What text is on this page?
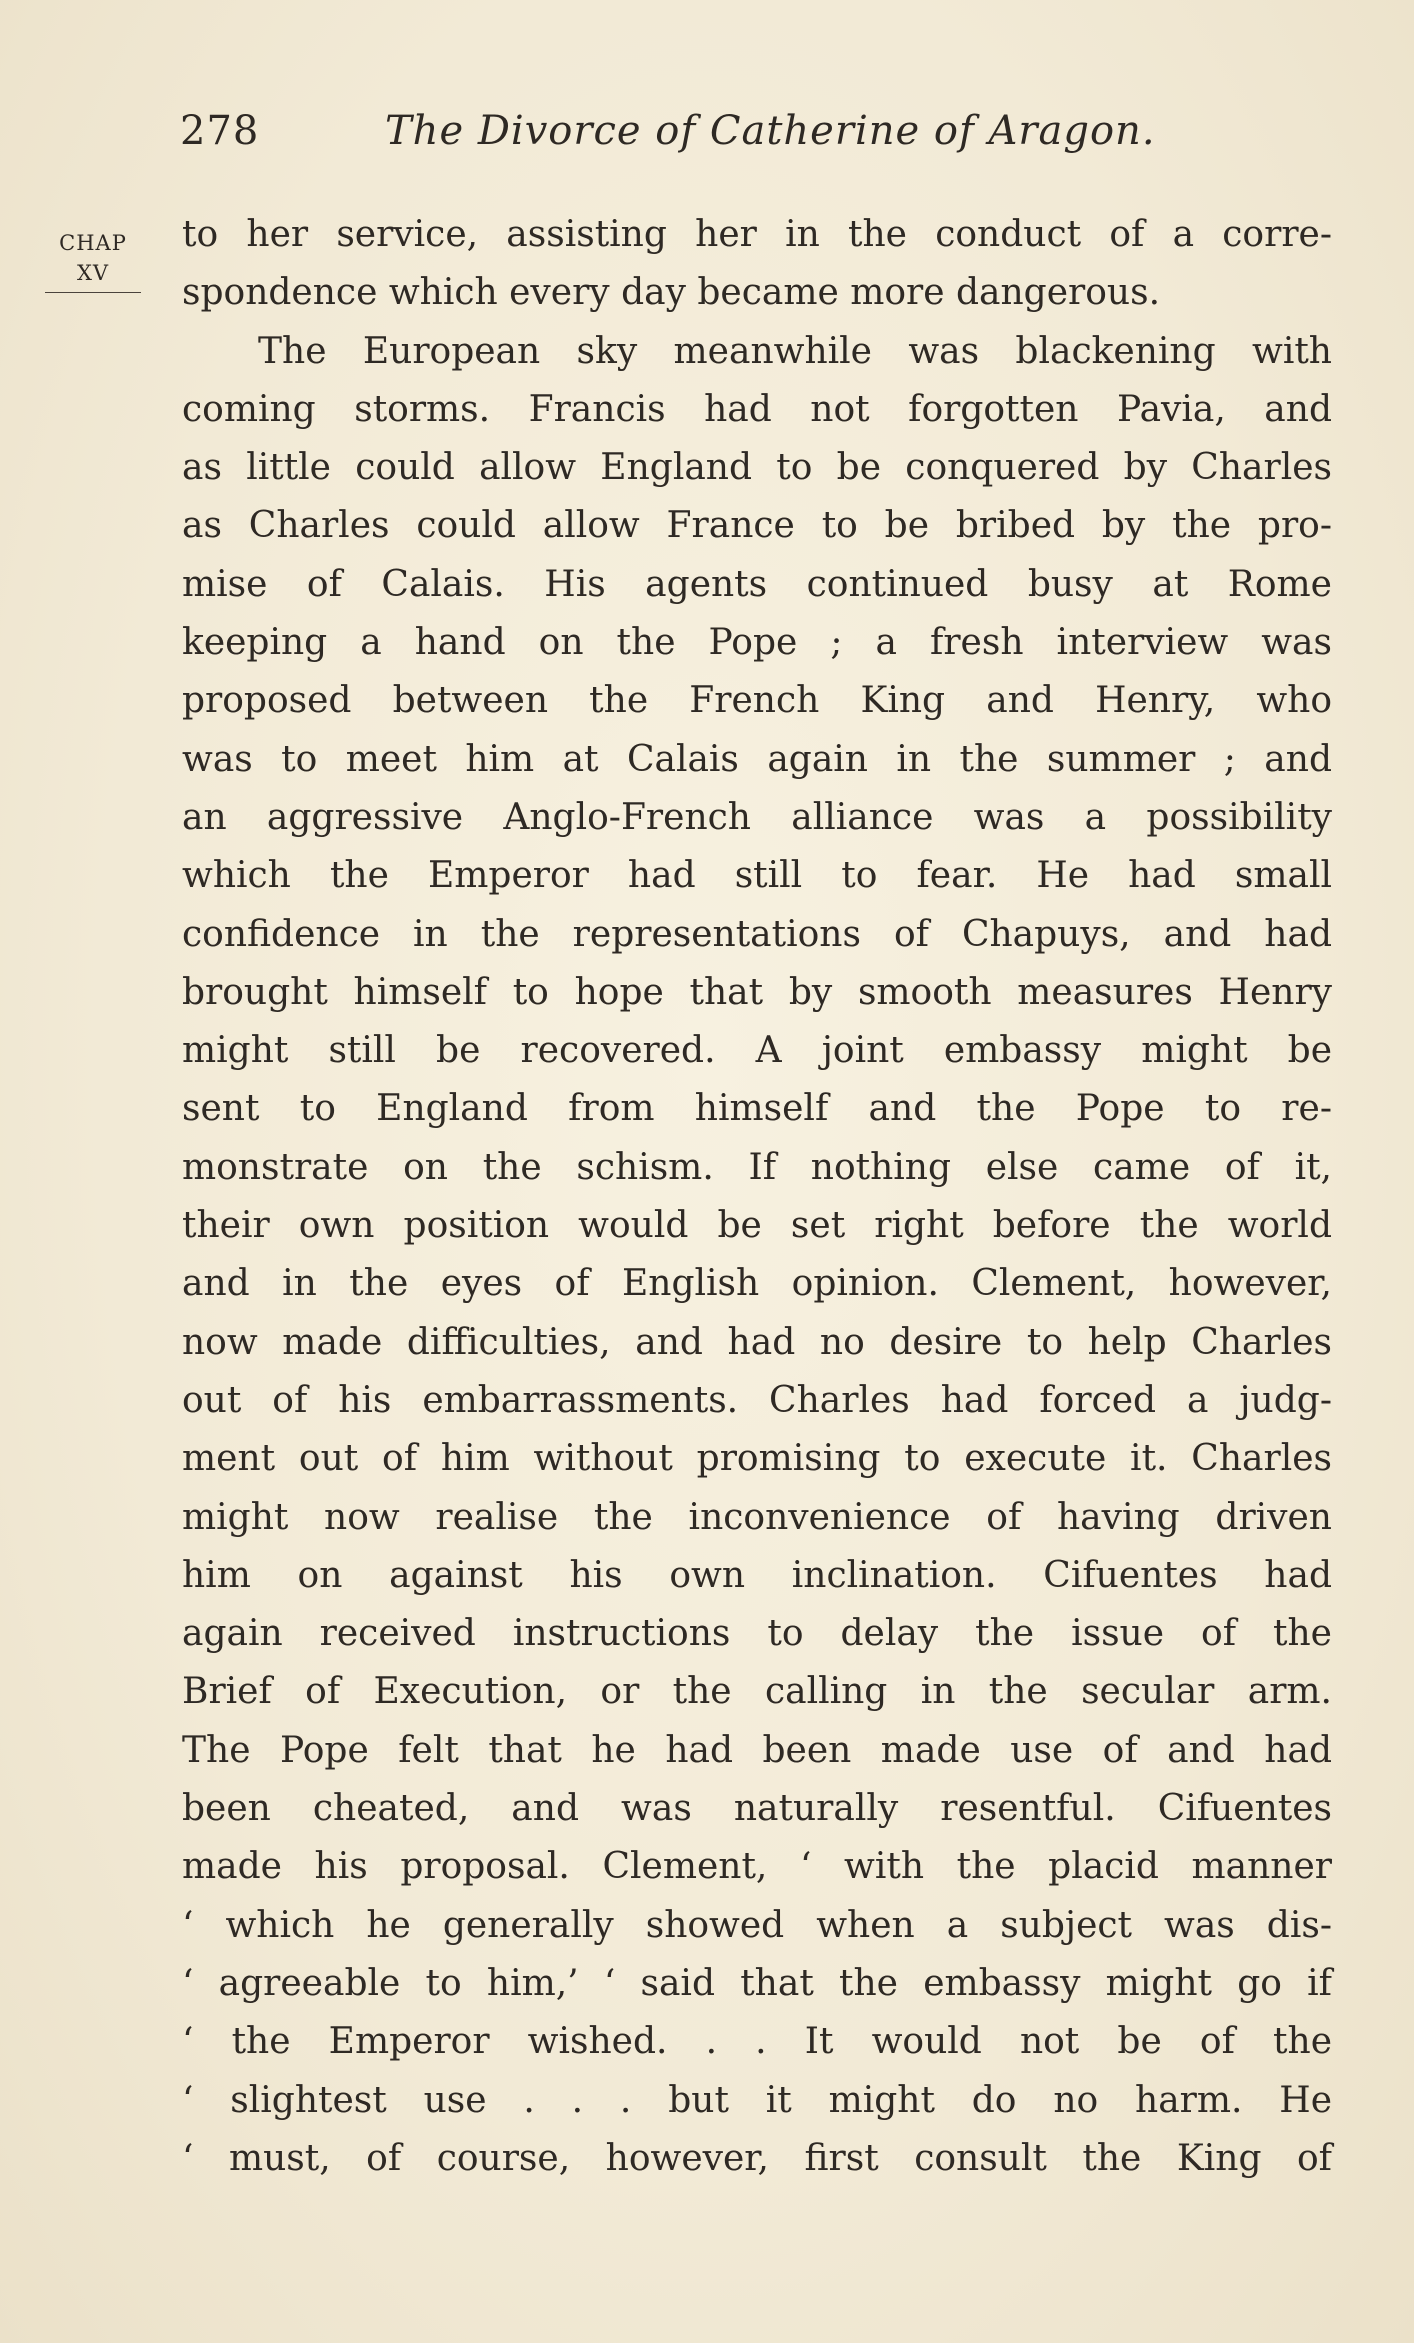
278	The Divorce of Catherine of Aragon.
CHAP
XV
to her service, assisting her in the conduct of a corre-
spondence which every day became more dangerous.
The European sky meanwhile was blackening with
coming storms. Francis had not forgotten Pavia, and
as little could allow England to be conquered by Charles
as Charles could allow France to be bribed by the pro-
mise of Calais. His agents continued busy at Rome
keeping a hand on the Pope ; a fresh interview was
proposed between the French King and Henry, who
was to meet him at Calais again in the summer ; and
an aggressive Anglo-French alliance was a possibility
which the Emperor had still to fear. He had small
confidence in the representations of Chapuys, and had
brought himself to hope that by smooth measures Henry
might still be recovered. A joint embassy might be
sent to England from himself and the Pope to re-
monstrate on the schism. If nothing else came of it,
their own position would be set right before the world
and in the eyes of English opinion. Clement, however,
now made difficulties, and had no desire to help Charles
out of his embarrassments. Charles had forced a judg-
ment out of him without promising to execute it. Charles
might now realise the inconvenience of having driven
him on against his own inclination. Cifuentes had
again received instructions to delay the issue of the
Brief of Execution, or the calling in the secular arm.
The Pope felt that he had been made use of and had
been cheated, and was naturally resentful. Cifuentes
made his proposal. Clement, ‘ with the placid manner
‘ which he generally showed when a subject was dis-
‘ agreeable to him,’ ‘ said that the embassy might go if
‘ the Emperor wished. . . It would not be of the
‘ slightest use . . . but it might do no harm. He
‘ must, of course, however, first consult the King of
